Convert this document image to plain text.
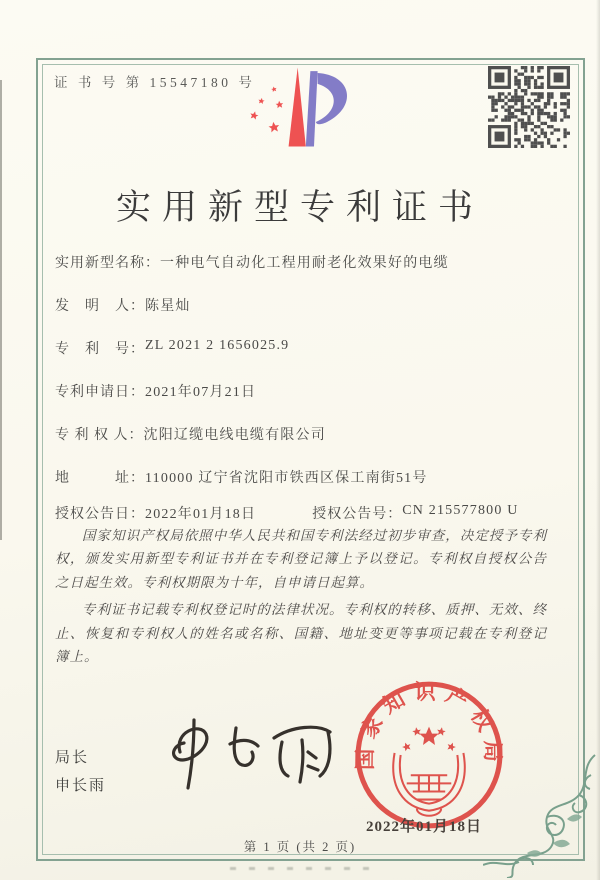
证 书 号 第 15547180 号
实用新型专利证书
实用新型名称： 一种电气自动化工程用耐老化效果好的电缆
发　明　人： 陈星灿
专　利　号： ZL 2021 2 1656025.9
专利申请日： 2021年07月21日
专 利 权 人： 沈阳辽缆电线电缆有限公司
地　　　址： 110000 辽宁省沈阳市铁西区保工南街51号
授权公告日： 2022年01月18日	授权公告号： CN 215577800 U

国家知识产权局依照中华人民共和国专利法经过初步审查，决定授予专利权，颁发实用新型专利证书并在专利登记簿上予以登记。专利权自授权公告之日起生效。专利权期限为十年，自申请日起算。

专利证书记载专利权登记时的法律状况。专利权的转移、质押、无效、终止、恢复和专利权人的姓名或名称、国籍、地址变更等事项记载在专利登记簿上。

局长
申长雨
国家知识产权局
2022年01月18日
第 1 页 (共 2 页)
